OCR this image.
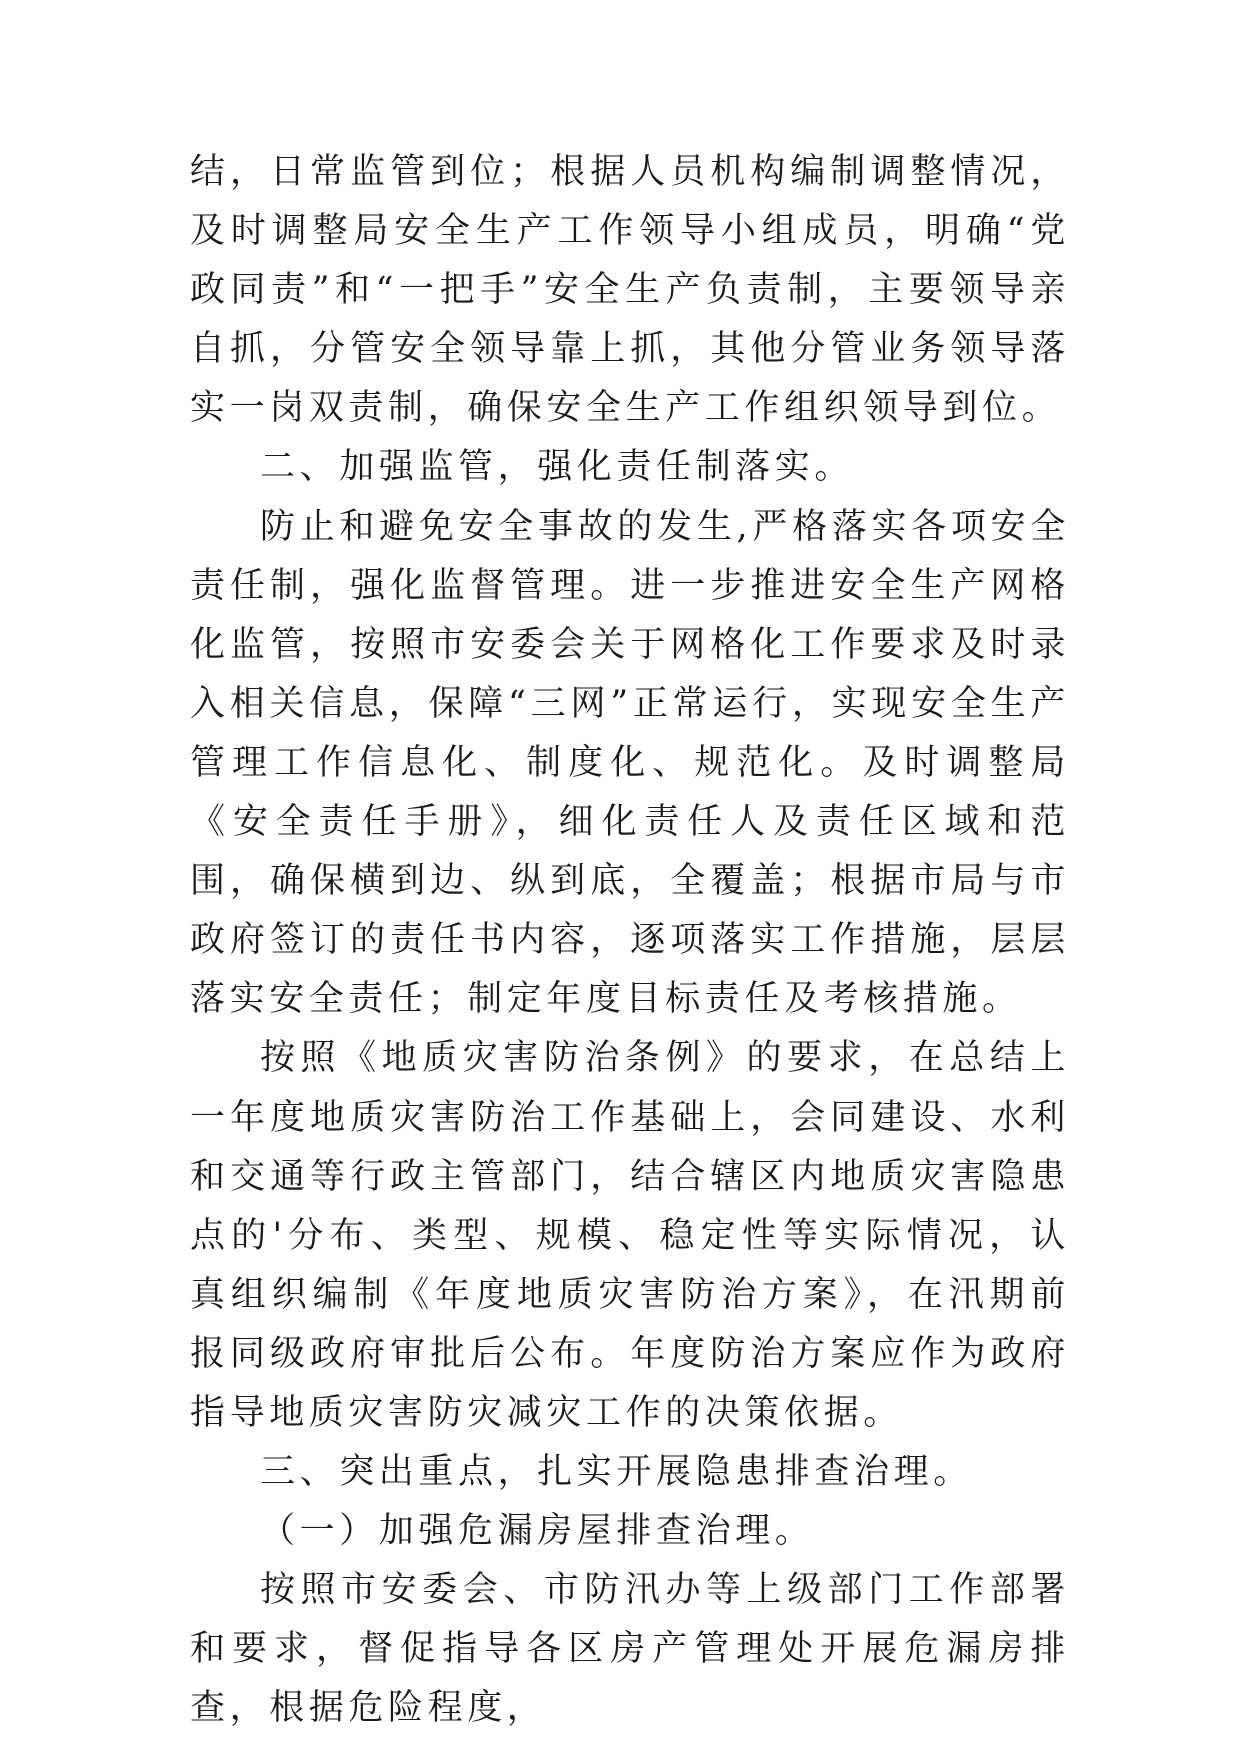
结，日常监管到位；根据人员机构编制调整情况，及时调整局安全生产工作领导小组成员，明确“党政同责”和“一把手”安全生产负责制，主要领导亲自抓，分管安全领导靠上抓，其他分管业务领导落实一岗双责制，确保安全生产工作组织领导到位。

二、加强监管，强化责任制落实。

防止和避免安全事故的发生,严格落实各项安全责任制，强化监督管理。进一步推进安全生产网格化监管，按照市安委会关于网格化工作要求及时录入相关信息，保障“三网”正常运行，实现安全生产管理工作信息化、制度化、规范化。及时调整局《安全责任手册》，细化责任人及责任区域和范围，确保横到边、纵到底，全覆盖；根据市局与市政府签订的责任书内容，逐项落实工作措施，层层落实安全责任；制定年度目标责任及考核措施。

按照《地质灾害防治条例》的要求，在总结上一年度地质灾害防治工作基础上，会同建设、水利和交通等行政主管部门，结合辖区内地质灾害隐患点的'分布、类型、规模、稳定性等实际情况，认真组织编制《年度地质灾害防治方案》，在汛期前报同级政府审批后公布。年度防治方案应作为政府指导地质灾害防灾减灾工作的决策依据。

三、突出重点，扎实开展隐患排查治理。

（一）加强危漏房屋排查治理。

按照市安委会、市防汛办等上级部门工作部署和要求，督促指导各区房产管理处开展危漏房排查，根据危险程度，
